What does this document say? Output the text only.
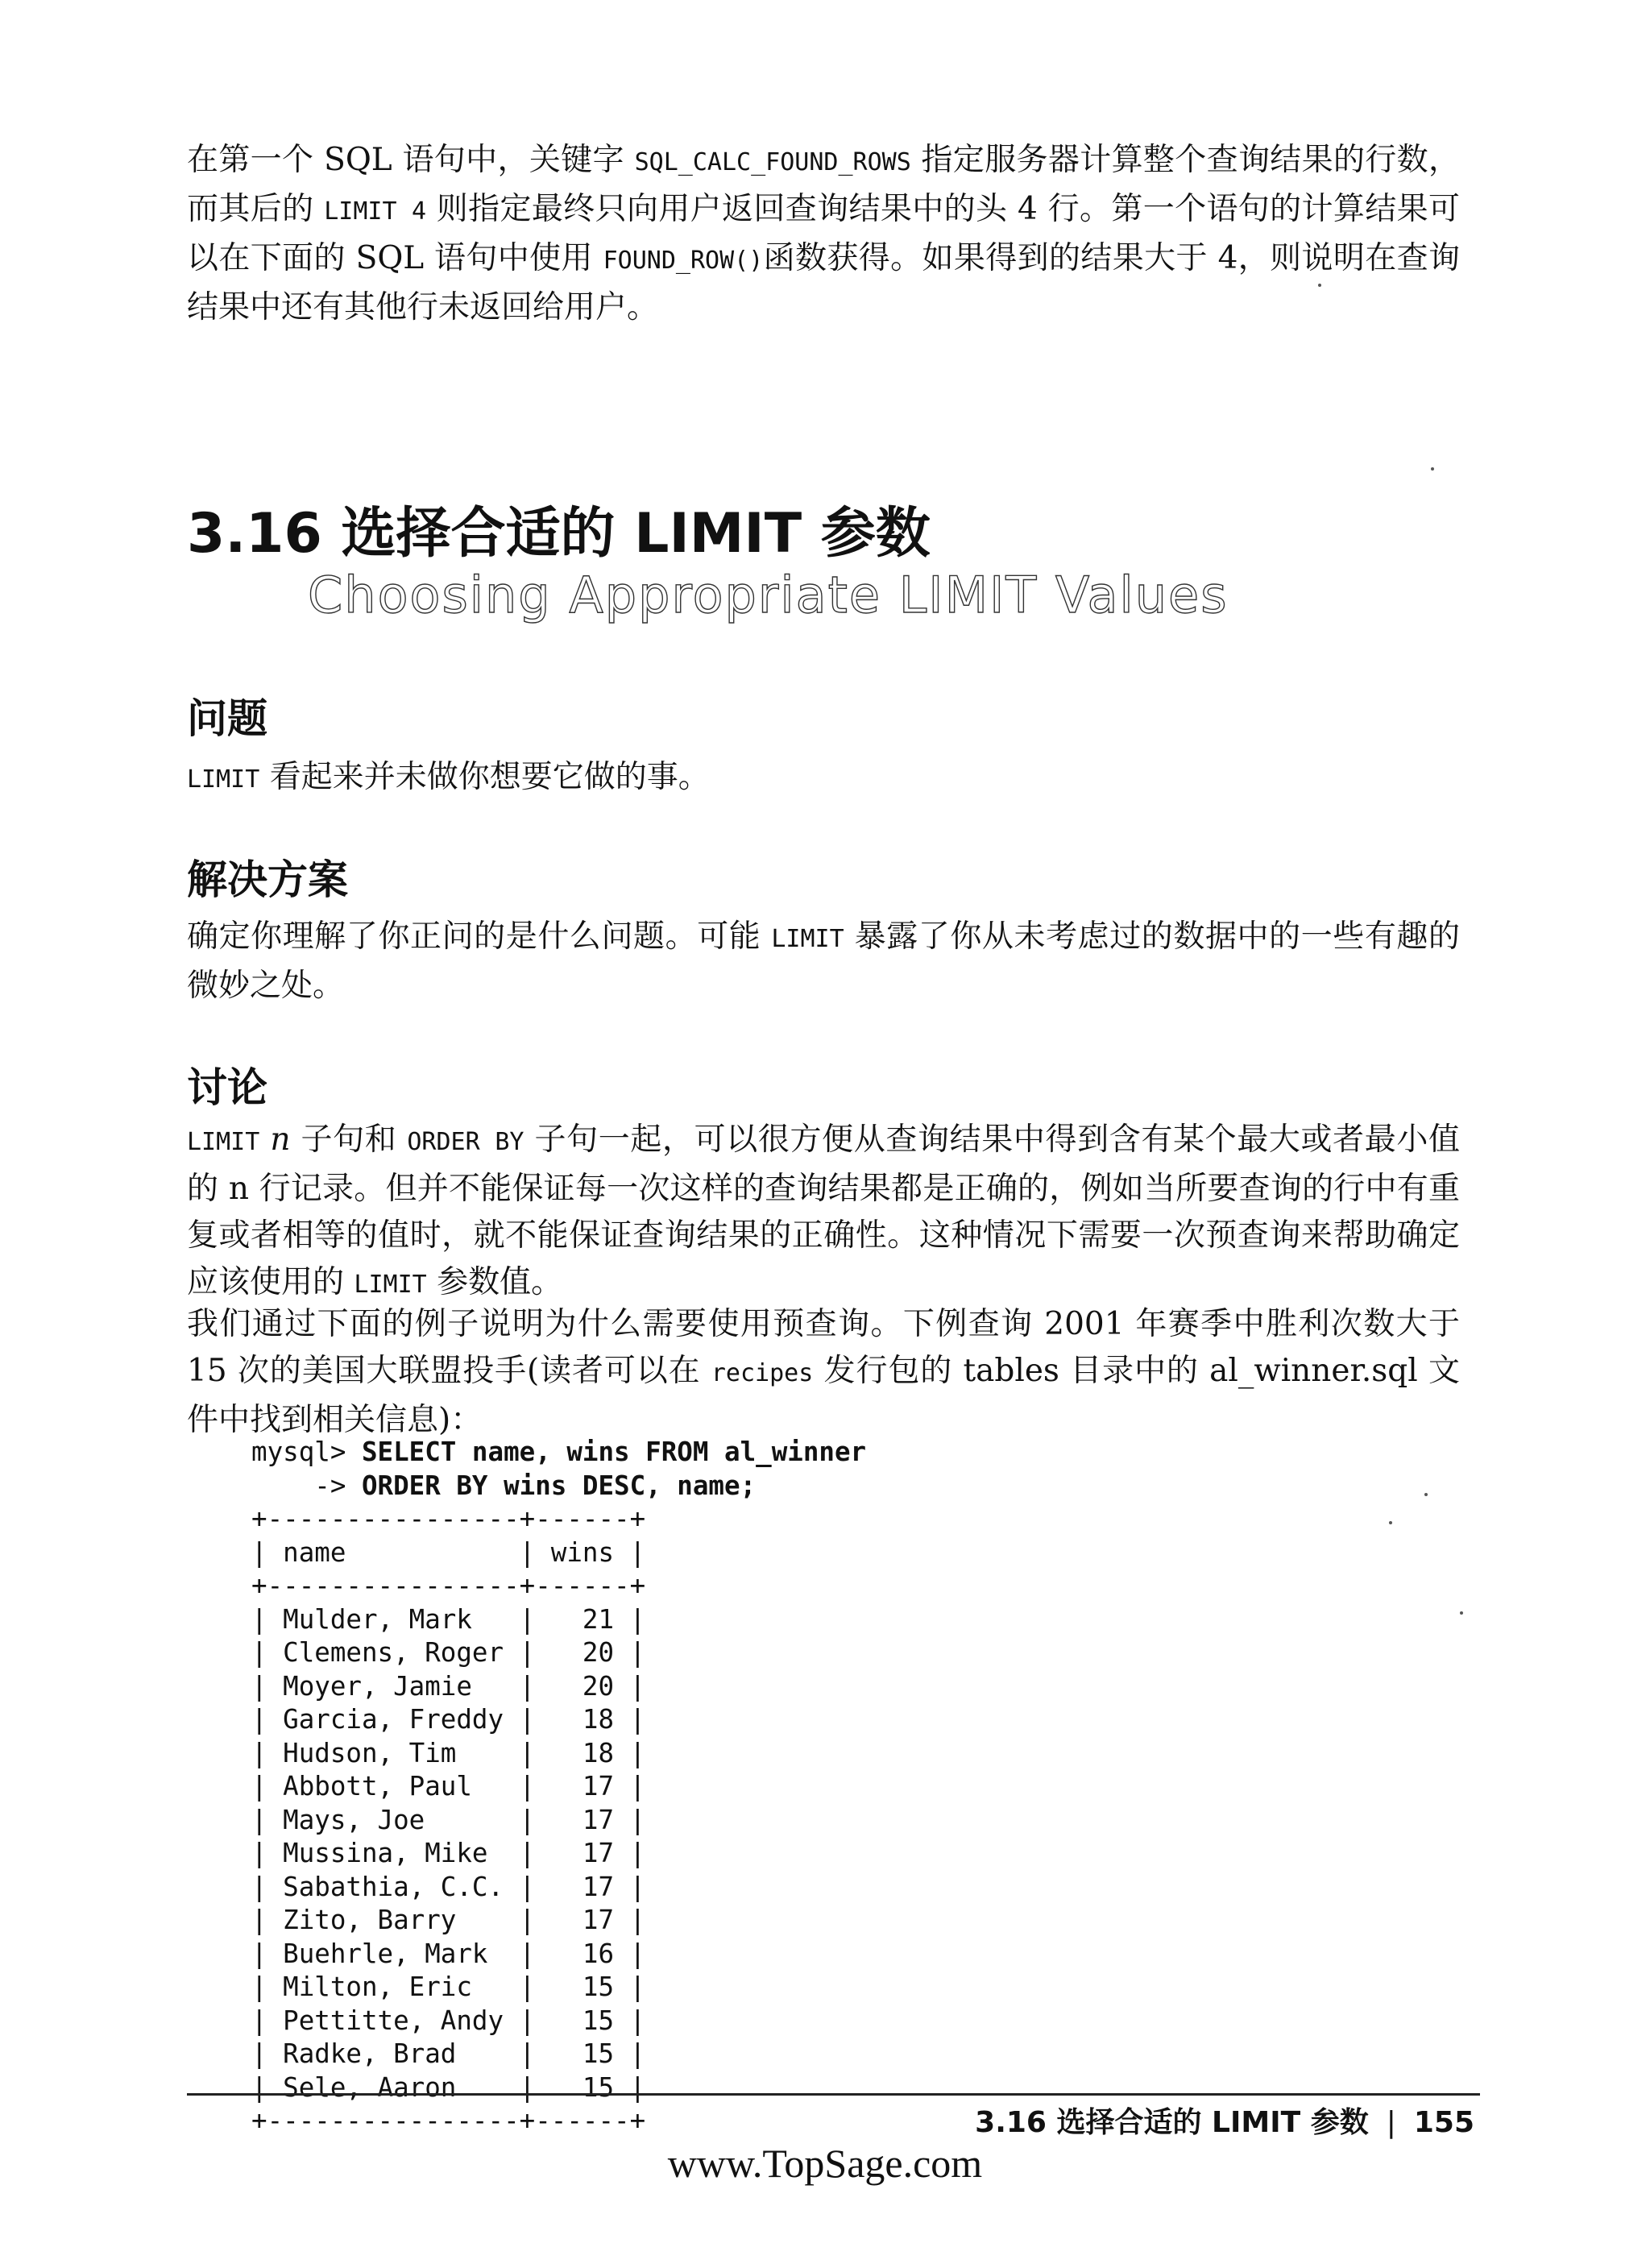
在第一个 SQL 语句中，关键字 SQL_CALC_FOUND_ROWS 指定服务器计算整个查询结果的行数，而其后的 LIMIT 4 则指定最终只向用户返回查询结果中的头 4 行。第一个语句的计算结果可以在下面的 SQL 语句中使用 FOUND_ROW()函数获得。如果得到的结果大于 4，则说明在查询结果中还有其他行未返回给用户。

3.16 选择合适的 LIMIT 参数
Choosing Appropriate LIMIT Values
问题

LIMIT 看起来并未做你想要它做的事。

解决方案

确定你理解了你正问的是什么问题。可能 LIMIT 暴露了你从未考虑过的数据中的一些有趣的微妙之处。

讨论

LIMIT n 子句和 ORDER BY 子句一起，可以很方便从查询结果中得到含有某个最大或者最小值的 n 行记录。但并不能保证每一次这样的查询结果都是正确的，例如当所要查询的行中有重复或者相等的值时，就不能保证查询结果的正确性。这种情况下需要一次预查询来帮助确定应该使用的 LIMIT 参数值。

我们通过下面的例子说明为什么需要使用预查询。下例查询 2001 年赛季中胜利次数大于 15 次的美国大联盟投手(读者可以在 recipes 发行包的 tables 目录中的 al_winner.sql 文件中找到相关信息)：

mysql> SELECT name, wins FROM al_winner
-> ORDER BY wins DESC, name;
+----------------+------+
| name           | wins |
+----------------+------+
| Mulder, Mark   |   21 |
| Clemens, Roger |   20 |
| Moyer, Jamie   |   20 |
| Garcia, Freddy |   18 |
| Hudson, Tim    |   18 |
| Abbott, Paul   |   17 |
| Mays, Joe      |   17 |
| Mussina, Mike  |   17 |
| Sabathia, C.C. |   17 |
| Zito, Barry    |   17 |
| Buehrle, Mark  |   16 |
| Milton, Eric   |   15 |
| Pettitte, Andy |   15 |
| Radke, Brad    |   15 |
| Sele, Aaron    |   15 |
+----------------+------+	3.16 选择合适的 LIMIT 参数 | 155
www.TopSage.com
